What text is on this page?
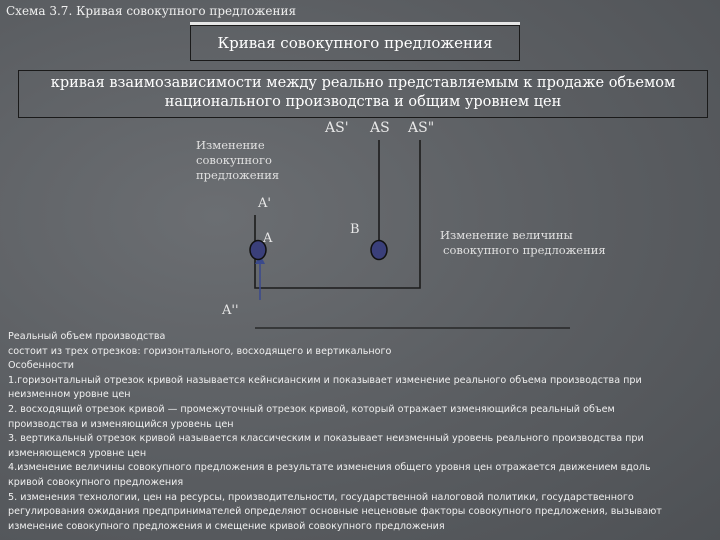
Схема 3.7. Кривая совокупного предложения
Кривая совокупного предложения
кривая взаимозависимости между реально представляемым к продаже объемом
национального производства и общим уровнем цен
AS' AS AS"
Изменение
совокупного
предложения
Изменение величины
совокупного предложения
A'
A
B
A''
Реальный объем производства
состоит из трех отрезков: горизонтального, восходящего и вертикального
Особенности
1.горизонтальный отрезок кривой называется кейнсианским и показывает изменение реального объема производства при
неизменном уровне цен
2. восходящий отрезок кривой — промежуточный отрезок кривой, который отражает изменяющийся реальный объем
производства и изменяющийся уровень цен
3. вертикальный отрезок кривой называется классическим и показывает неизменный уровень реального производства при
изменяющемся уровне цен
4.изменение величины совокупного предложения в результате изменения общего уровня цен отражается движением вдоль
кривой совокупного предложения
5. изменения технологии, цен на ресурсы, производительности, государственной налоговой политики, государственного
регулирования ожидания предпринимателей определяют основные неценовые факторы совокупного предложения, вызывают
изменение совокупного предложения и смещение кривой совокупного предложения
